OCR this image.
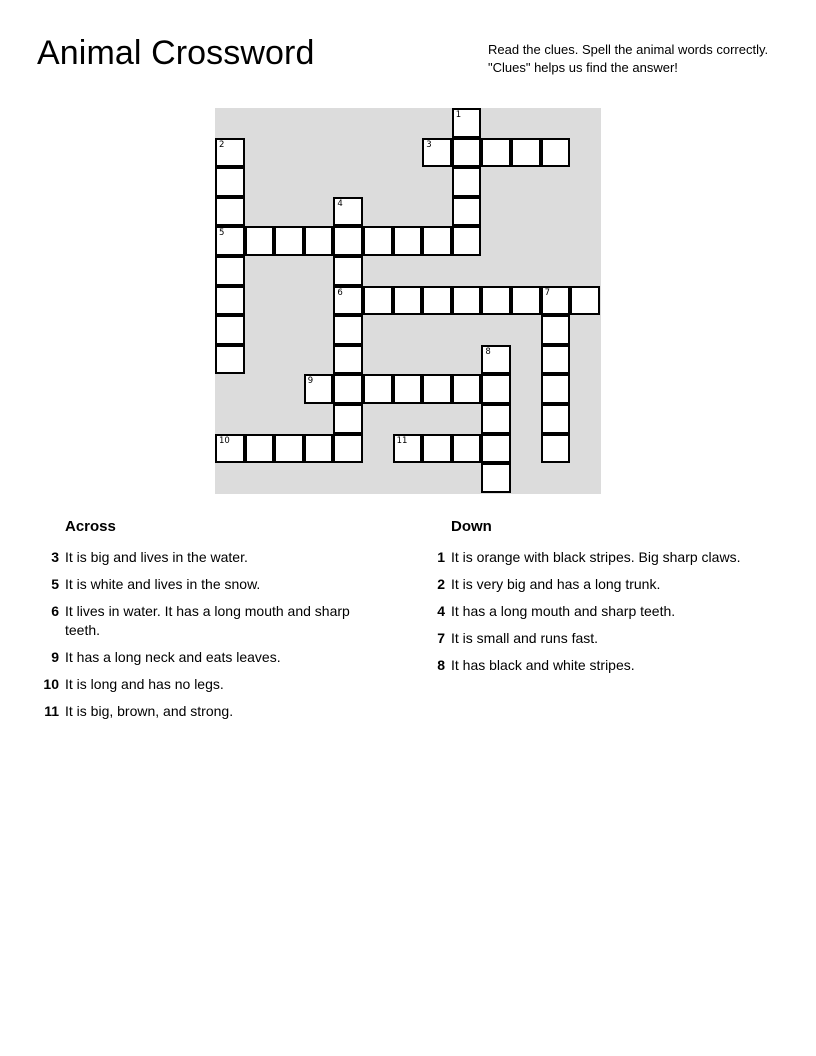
Animal Crossword	Read the clues. Spell the animal words correctly.
"Clues" helps us find the answer!
1
2	3
4
5
6	7
8
9
10	11
Across
3 It is big and lives in the water.
5 It is white and lives in the snow.
6 It lives in water. It has a long mouth and sharp teeth.
9 It has a long neck and eats leaves.
10 It is long and has no legs.
11 It is big, brown, and strong.
Down
1 It is orange with black stripes. Big sharp claws.
2 It is very big and has a long trunk.
4 It has a long mouth and sharp teeth.
7 It is small and runs fast.
8 It has black and white stripes.
